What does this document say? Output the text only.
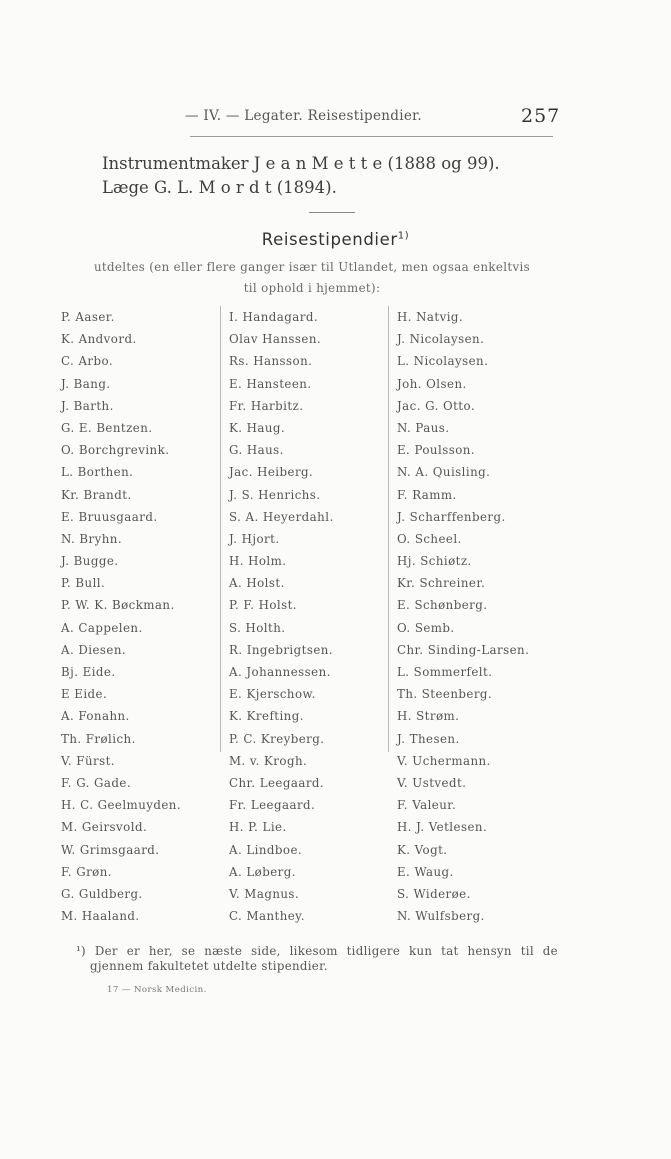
— IV. — Legater. Reisestipendier.	257
Instrumentmaker J e a n M e t t e (1888 og 99).
Læge G. L. M o r d t (1894).
Reisestipendier$^{1)}$
utdeltes (en eller flere ganger især til Utlandet, men ogsaa enkeltvis
til ophold i hjemmet):
P. Aaser.
K. Andvord.
C. Arbo.
J. Bang.
J. Barth.
G. E. Bentzen.
O. Borchgrevink.
L. Borthen.
Kr. Brandt.
E. Bruusgaard.
N. Bryhn.
J. Bugge.
P. Bull.
P. W. K. Bøckman.
A. Cappelen.
A. Diesen.
Bj. Eide.
E Eide.
A. Fonahn.
Th. Frølich.
V. Fürst.
F. G. Gade.
H. C. Geelmuyden.
M. Geirsvold.
W. Grimsgaard.
F. Grøn.
G. Guldberg.
M. Haaland.
I. Handagard.
Olav Hanssen.
Rs. Hansson.
E. Hansteen.
Fr. Harbitz.
K. Haug.
G. Haus.
Jac. Heiberg.
J. S. Henrichs.
S. A. Heyerdahl.
J. Hjort.
H. Holm.
A. Holst.
P. F. Holst.
S. Holth.
R. Ingebrigtsen.
A. Johannessen.
E. Kjerschow.
K. Krefting.
P. C. Kreyberg.
M. v. Krogh.
Chr. Leegaard.
Fr. Leegaard.
H. P. Lie.
A. Lindboe.
A. Løberg.
V. Magnus.
C. Manthey.
H. Natvig.
J. Nicolaysen.
L. Nicolaysen.
Joh. Olsen.
Jac. G. Otto.
N. Paus.
E. Poulsson.
N. A. Quisling.
F. Ramm.
J. Scharffenberg.
O. Scheel.
Hj. Schiøtz.
Kr. Schreiner.
E. Schønberg.
O. Semb.
Chr. Sinding-Larsen.
L. Sommerfelt.
Th. Steenberg.
H. Strøm.
J. Thesen.
V. Uchermann.
V. Ustvedt.
F. Valeur.
H. J. Vetlesen.
K. Vogt.
E. Waug.
S. Widerøe.
N. Wulfsberg.
¹) Der er her, se næste side, likesom tidligere kun tat hensyn til de
gjennem fakultetet utdelte stipendier.
17 — Norsk Medicin.
